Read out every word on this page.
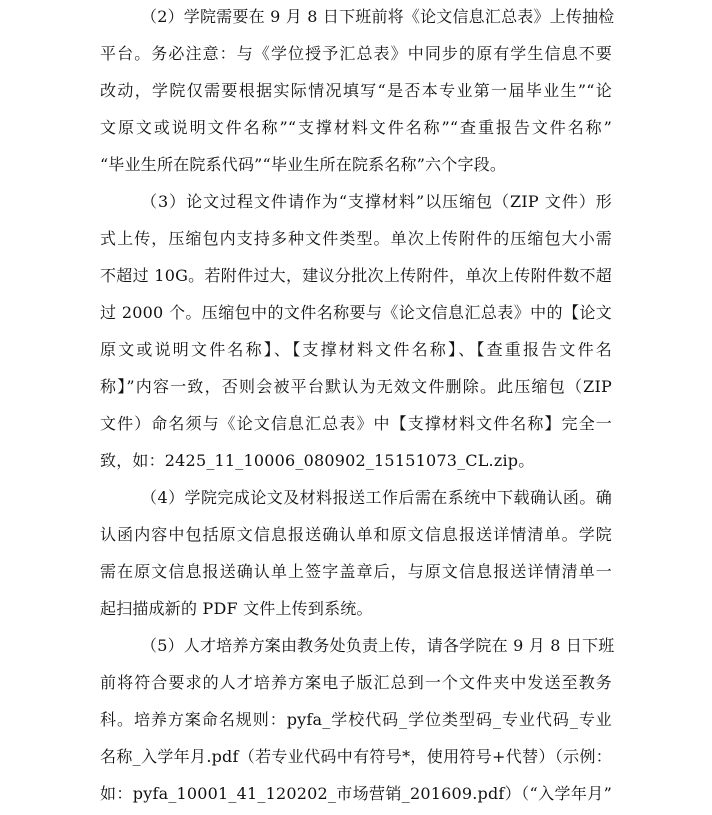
（2）学院需要在 9 月 8 日下班前将《论文信息汇总表》上传抽检
平台。务必注意：与《学位授予汇总表》中同步的原有学生信息不要
改动，学院仅需要根据实际情况填写“是否本专业第一届毕业生”“论
文原文或说明文件名称”“支撑材料文件名称”“查重报告文件名称”
“毕业生所在院系代码”“毕业生所在院系名称”六个字段。
（3）论文过程文件请作为“支撑材料”以压缩包（ZIP 文件）形
式上传，压缩包内支持多种文件类型。单次上传附件的压缩包大小需
不超过 10G。若附件过大，建议分批次上传附件，单次上传附件数不超
过 2000 个。压缩包中的文件名称要与《论文信息汇总表》中的【论文
原文或说明文件名称】、【支撑材料文件名称】、【查重报告文件名
称】”内容一致，否则会被平台默认为无效文件删除。此压缩包（ZIP
文件）命名须与《论文信息汇总表》中【支撑材料文件名称】完全一
致，如：2425_11_10006_080902_15151073_CL.zip。
（4）学院完成论文及材料报送工作后需在系统中下载确认函。确
认函内容中包括原文信息报送确认单和原文信息报送详情清单。学院
需在原文信息报送确认单上签字盖章后，与原文信息报送详情清单一
起扫描成新的 PDF 文件上传到系统。
（5）人才培养方案由教务处负责上传，请各学院在 9 月 8 日下班
前将符合要求的人才培养方案电子版汇总到一个文件夹中发送至教务
科。培养方案命名规则：pyfa_学校代码_学位类型码_专业代码_专业
名称_入学年月.pdf（若专业代码中有符号*，使用符号+代替）（示例：
如：pyfa_10001_41_120202_市场营销_201609.pdf）（“入学年月”
